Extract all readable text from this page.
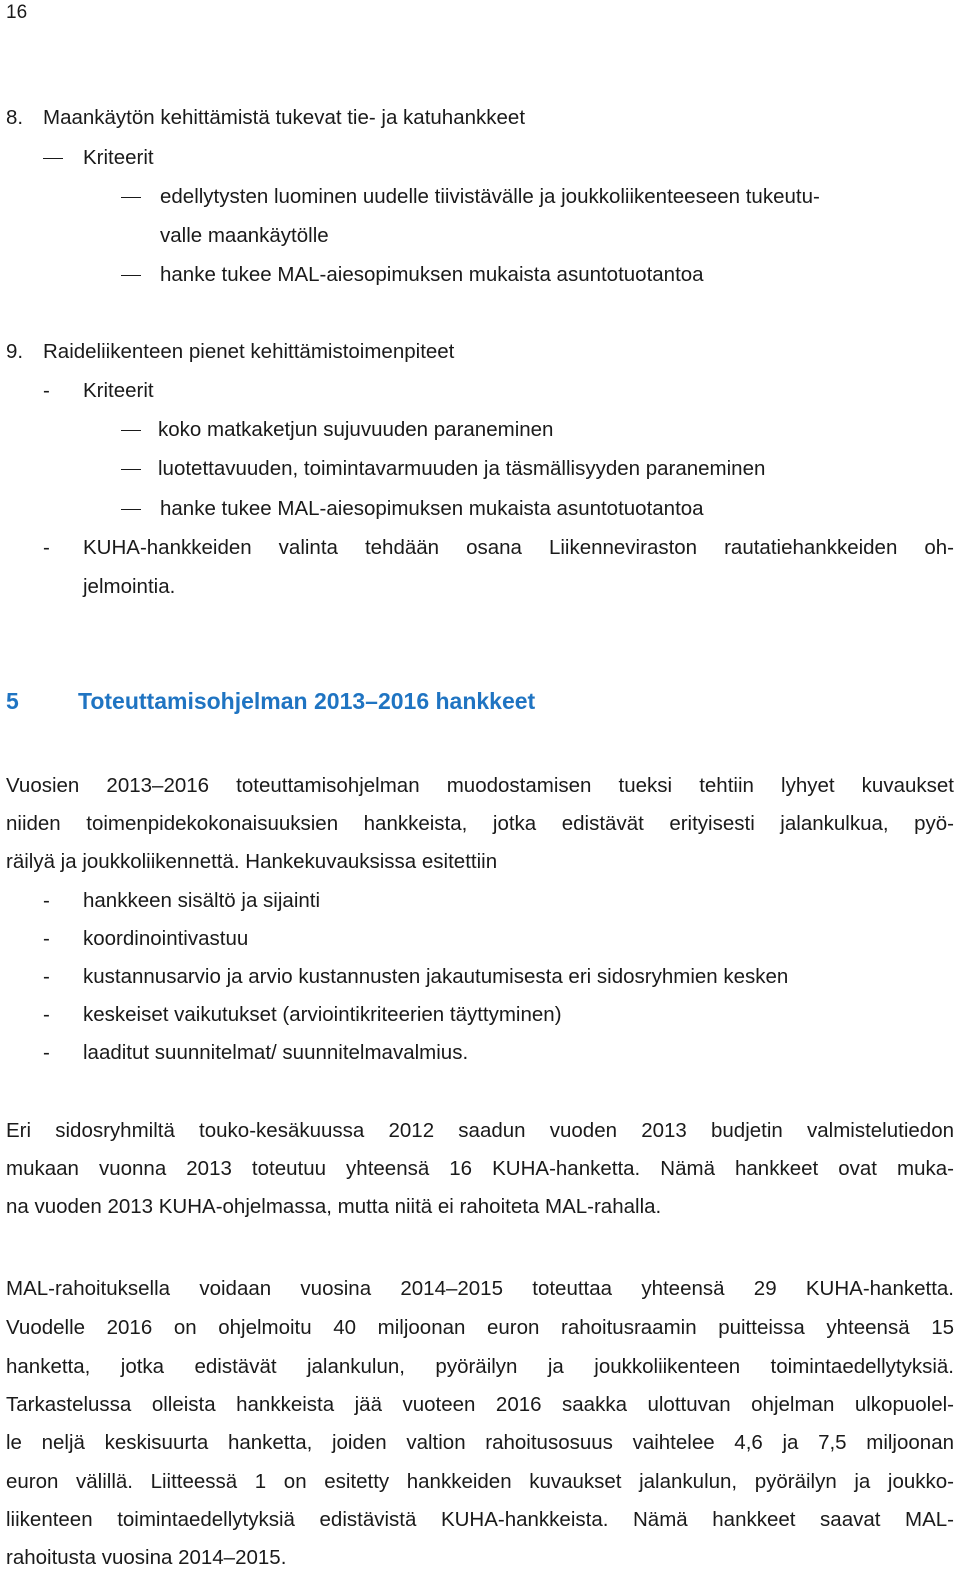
16
8. Maankäytön kehittämistä tukevat tie- ja katuhankkeet
Kriteerit
edellytysten luominen uudelle tiivistävälle ja joukkoliikenteeseen tukeutu-
valle maankäytölle
hanke tukee MAL-aiesopimuksen mukaista asuntotuotantoa
9. Raideliikenteen pienet kehittämistoimenpiteet
- Kriteerit
koko matkaketjun sujuvuuden paraneminen
luotettavuuden, toimintavarmuuden ja täsmällisyyden paraneminen
hanke tukee MAL-aiesopimuksen mukaista asuntotuotantoa
- KUHA-hankkeiden valinta tehdään osana Liikenneviraston rautatiehankkeiden oh-
jelmointia.
5	Toteuttamisohjelman 2013–2016 hankkeet
Vuosien 2013–2016 toteuttamisohjelman muodostamisen tueksi tehtiin lyhyet kuvaukset
niiden toimenpidekokonaisuuksien hankkeista, jotka edistävät erityisesti jalankulkua, pyö-
räilyä ja joukkoliikennettä. Hankekuvauksissa esitettiin
- hankkeen sisältö ja sijainti
- koordinointivastuu
- kustannusarvio ja arvio kustannusten jakautumisesta eri sidosryhmien kesken
- keskeiset vaikutukset (arviointikriteerien täyttyminen)
- laaditut suunnitelmat/ suunnitelmavalmius.
Eri sidosryhmiltä touko-kesäkuussa 2012 saadun vuoden 2013 budjetin valmistelutiedon
mukaan vuonna 2013 toteutuu yhteensä 16 KUHA-hanketta. Nämä hankkeet ovat muka-
na vuoden 2013 KUHA-ohjelmassa, mutta niitä ei rahoiteta MAL-rahalla.
MAL-rahoituksella voidaan vuosina 2014–2015 toteuttaa yhteensä 29 KUHA-hanketta.
Vuodelle 2016 on ohjelmoitu 40 miljoonan euron rahoitusraamin puitteissa yhteensä 15
hanketta, jotka edistävät jalankulun, pyöräilyn ja joukkoliikenteen toimintaedellytyksiä.
Tarkastelussa olleista hankkeista jää vuoteen 2016 saakka ulottuvan ohjelman ulkopuolel-
le neljä keskisuurta hanketta, joiden valtion rahoitusosuus vaihtelee 4,6 ja 7,5 miljoonan
euron välillä. Liitteessä 1 on esitetty hankkeiden kuvaukset jalankulun, pyöräilyn ja joukko-
liikenteen toimintaedellytyksiä edistävistä KUHA-hankkeista. Nämä hankkeet saavat MAL-
rahoitusta vuosina 2014–2015.
